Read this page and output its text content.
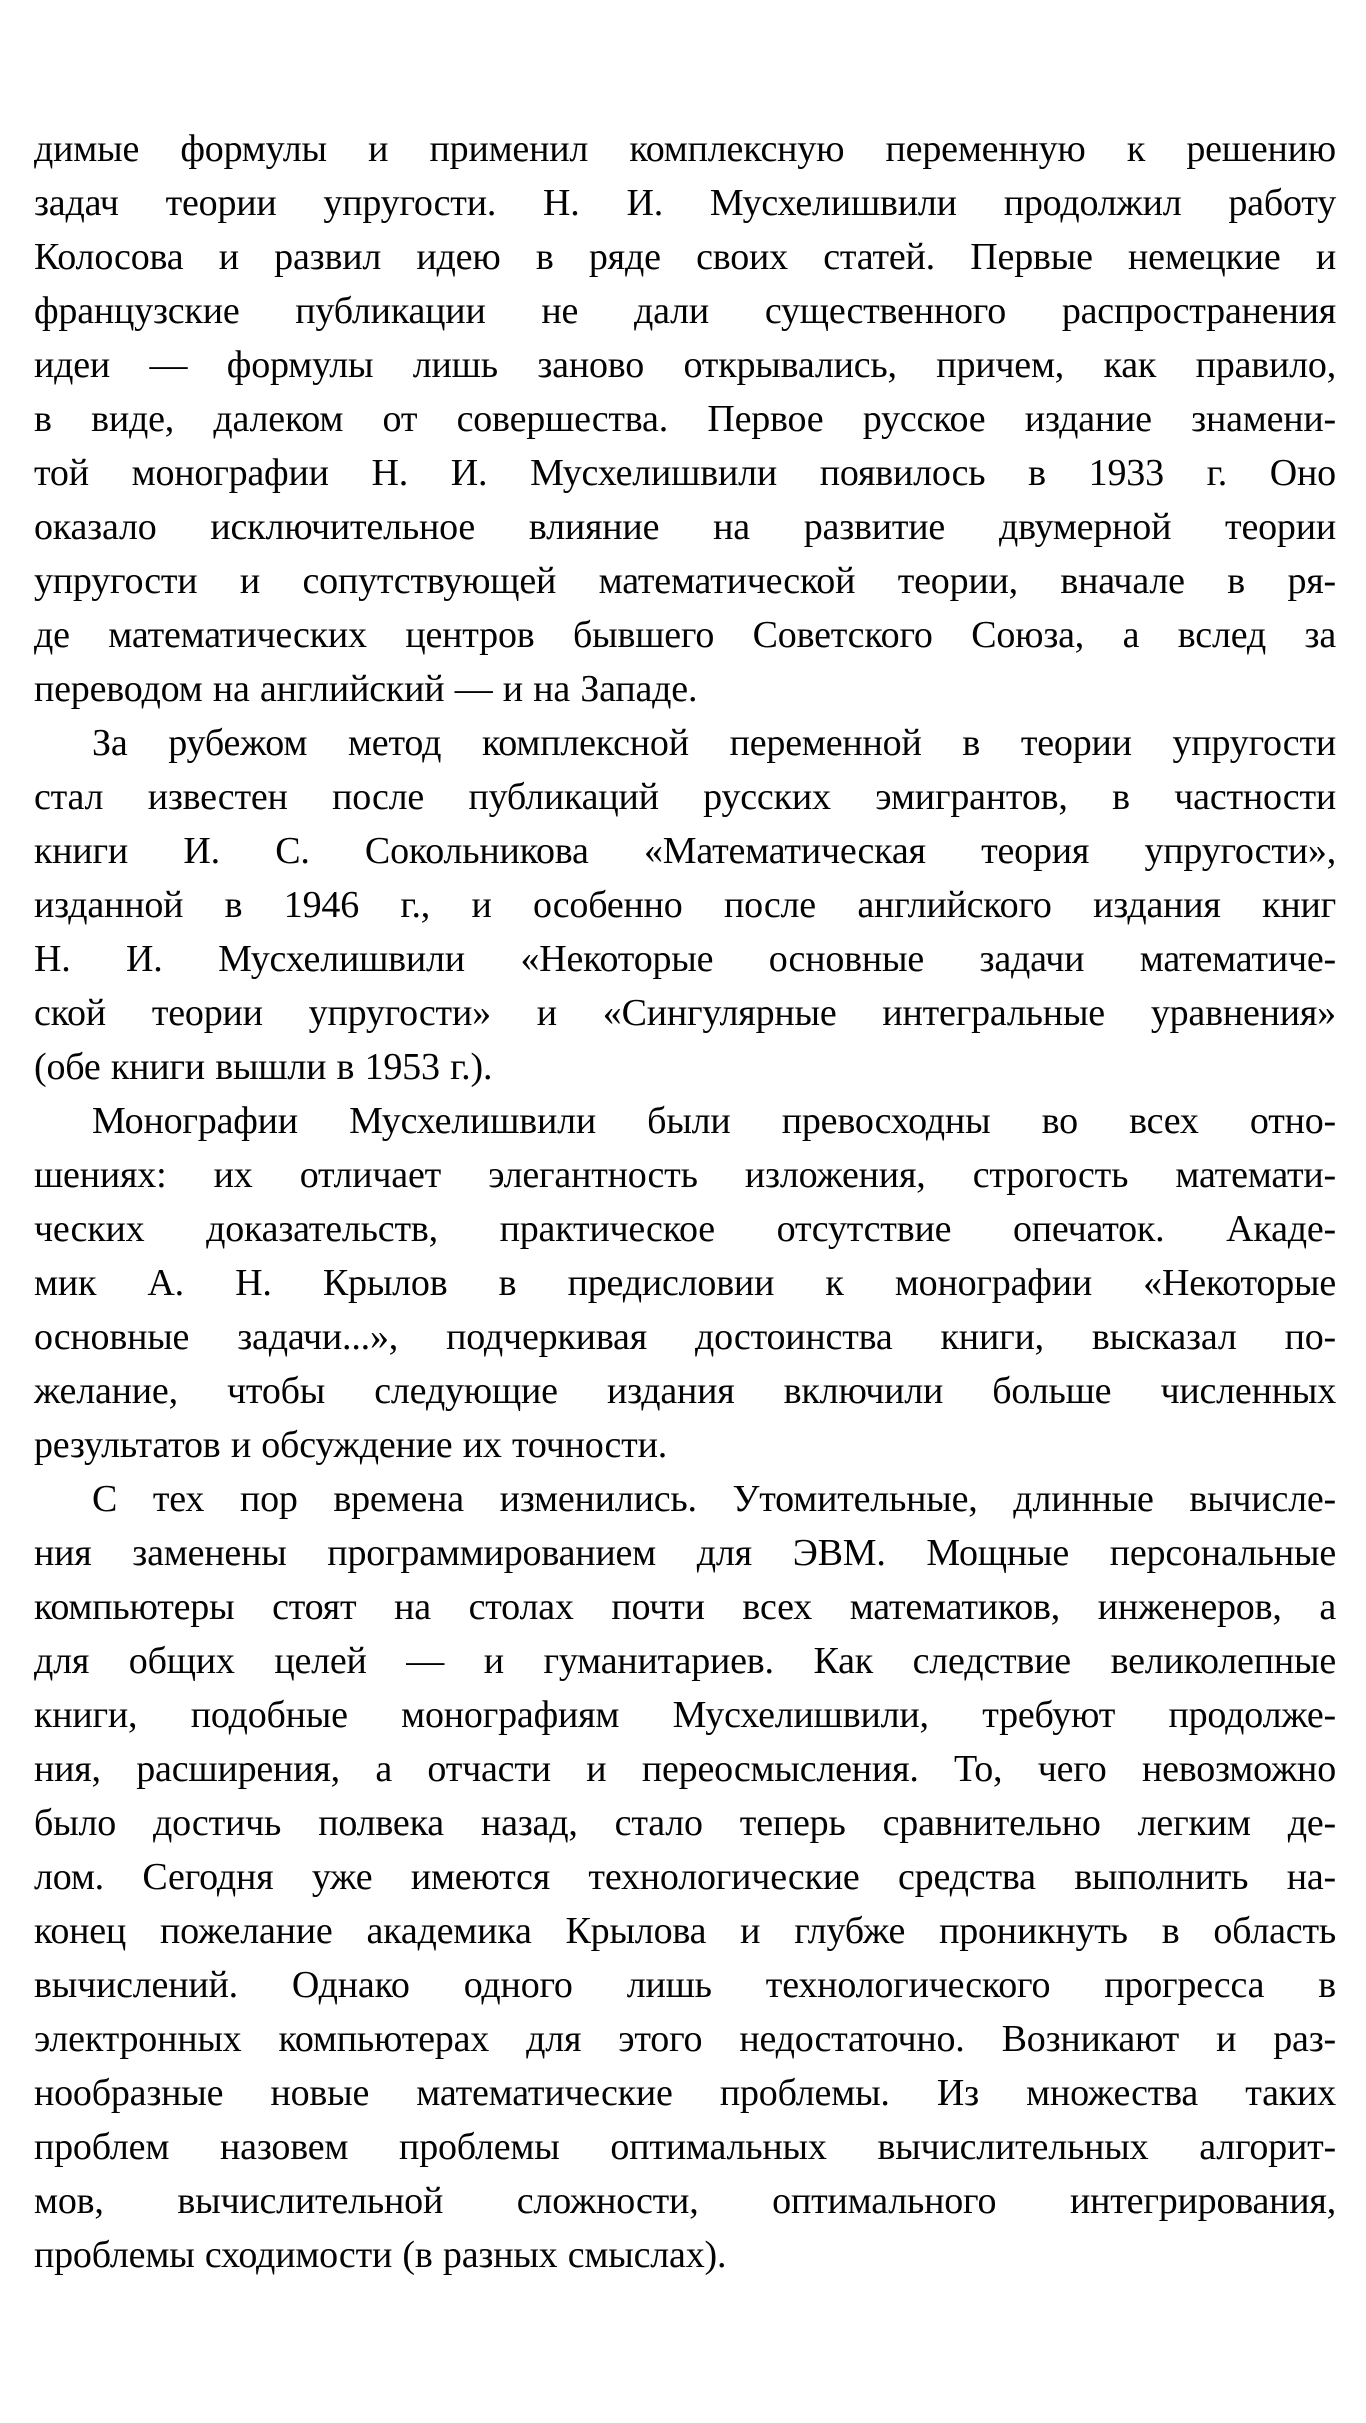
димые формулы и применил комплексную переменную к решению
задач теории упругости. Н. И. Мусхелишвили продолжил работу
Колосова и развил идею в ряде своих статей. Первые немецкие и
французские публикации не дали существенного распространения
идеи — формулы лишь заново открывались, причем, как правило,
в виде, далеком от совершества. Первое русское издание знамени-
той монографии Н. И. Мусхелишвили появилось в 1933 г. Оно
оказало исключительное влияние на развитие двумерной теории
упругости и сопутствующей математической теории, вначале в ря-
де математических центров бывшего Советского Союза, а вслед за
переводом на английский — и на Западе.
За рубежом метод комплексной переменной в теории упругости
стал известен после публикаций русских эмигрантов, в частности
книги И. С. Сокольникова «Математическая теория упругости»,
изданной в 1946 г., и особенно после английского издания книг
Н. И. Мусхелишвили «Некоторые основные задачи математиче-
ской теории упругости» и «Сингулярные интегральные уравнения»
(обе книги вышли в 1953 г.).
Монографии Мусхелишвили были превосходны во всех отно-
шениях: их отличает элегантность изложения, строгость математи-
ческих доказательств, практическое отсутствие опечаток. Акаде-
мик А. Н. Крылов в предисловии к монографии «Некоторые
основные задачи...», подчеркивая достоинства книги, высказал по-
желание, чтобы следующие издания включили больше численных
результатов и обсуждение их точности.
С тех пор времена изменились. Утомительные, длинные вычисле-
ния заменены программированием для ЭВМ. Мощные персональные
компьютеры стоят на столах почти всех математиков, инженеров, а
для общих целей — и гуманитариев. Как следствие великолепные
книги, подобные монографиям Мусхелишвили, требуют продолже-
ния, расширения, а отчасти и переосмысления. То, чего невозможно
было достичь полвека назад, стало теперь сравнительно легким де-
лом. Сегодня уже имеются технологические средства выполнить на-
конец пожелание академика Крылова и глубже проникнуть в область
вычислений. Однако одного лишь технологического прогресса в
электронных компьютерах для этого недостаточно. Возникают и раз-
нообразные новые математические проблемы. Из множества таких
проблем назовем проблемы оптимальных вычислительных алгорит-
мов, вычислительной сложности, оптимального интегрирования,
проблемы сходимости (в разных смыслах).
